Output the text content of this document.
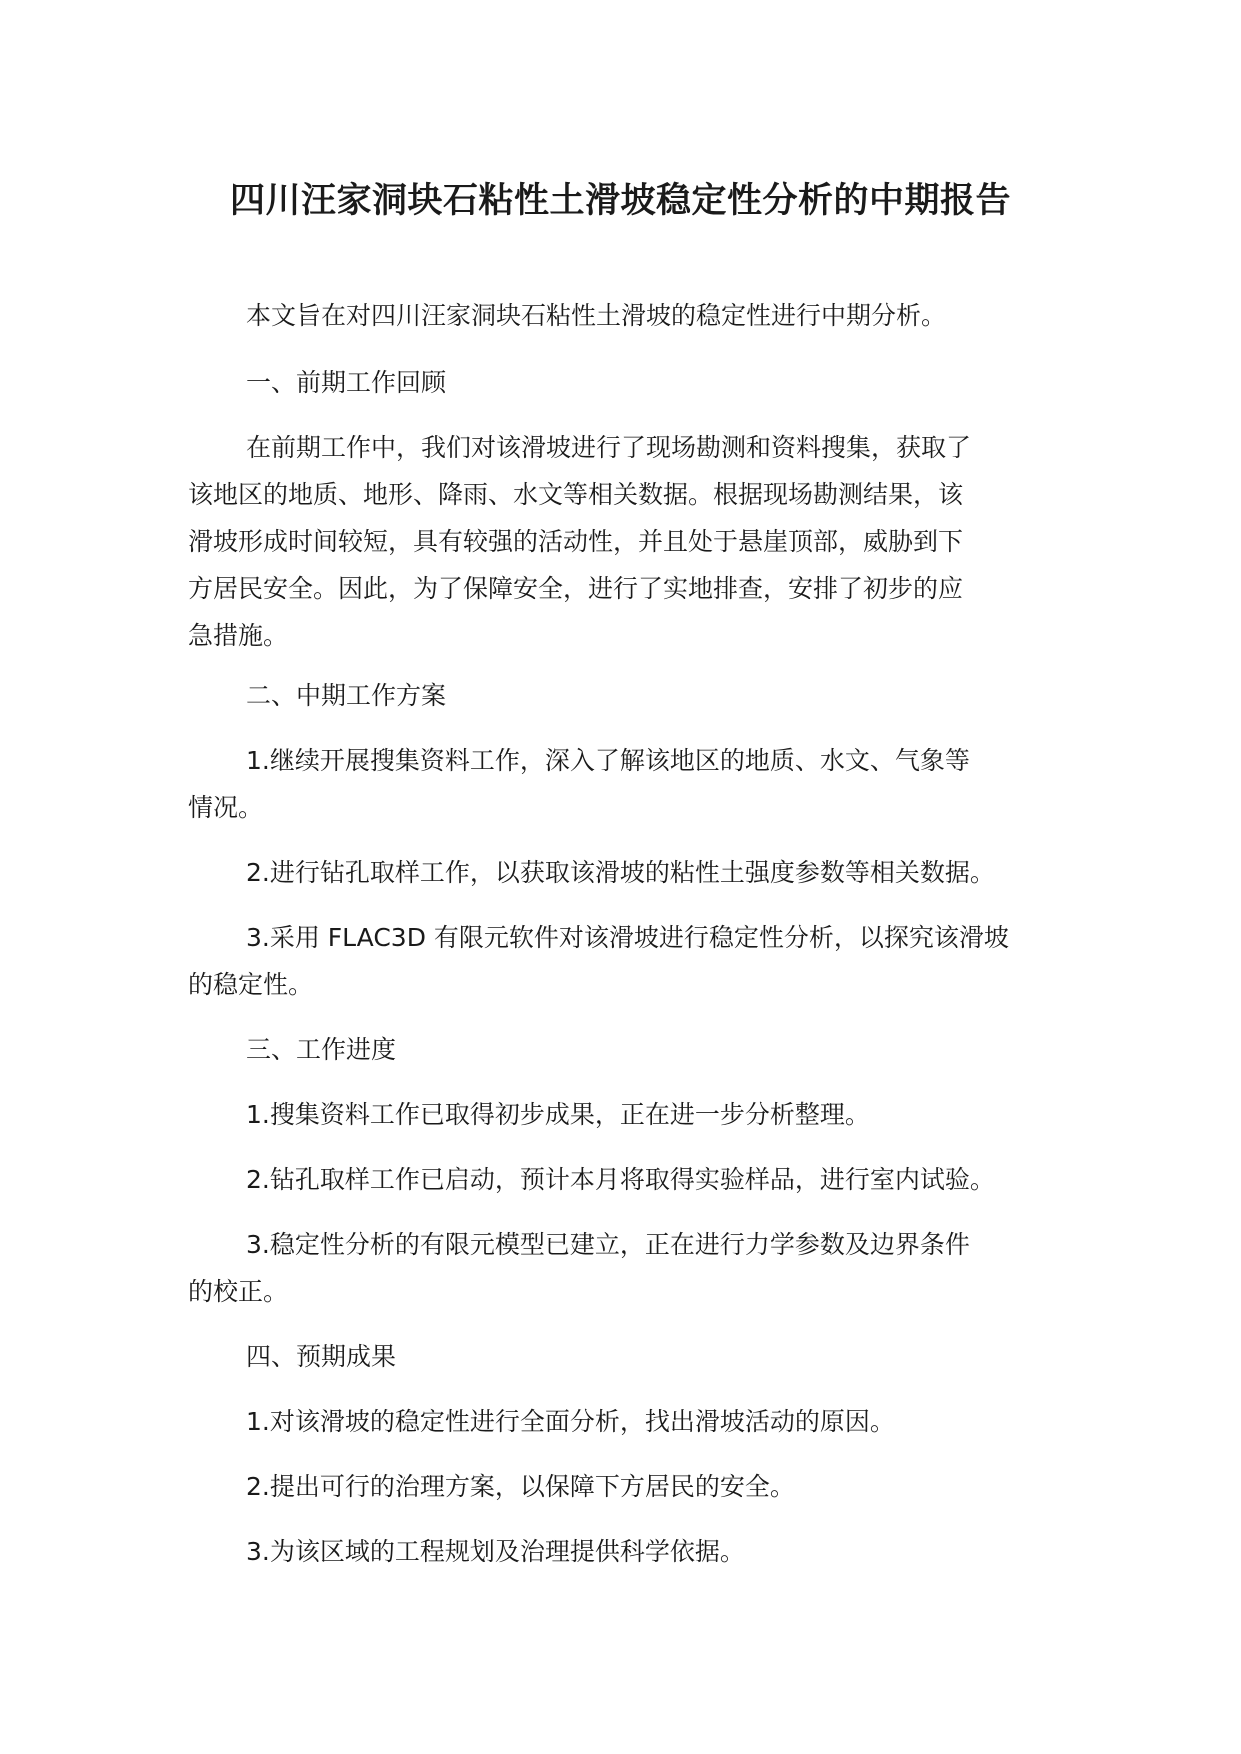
四川汪家洞块石粘性土滑坡稳定性分析的中期报告
本文旨在对四川汪家洞块石粘性土滑坡的稳定性进行中期分析。
一、前期工作回顾
在前期工作中，我们对该滑坡进行了现场勘测和资料搜集，获取了
该地区的地质、地形、降雨、水文等相关数据。根据现场勘测结果，该
滑坡形成时间较短，具有较强的活动性，并且处于悬崖顶部，威胁到下
方居民安全。因此，为了保障安全，进行了实地排查，安排了初步的应
急措施。
二、中期工作方案
1.继续开展搜集资料工作，深入了解该地区的地质、水文、气象等
情况。
2.进行钻孔取样工作，以获取该滑坡的粘性土强度参数等相关数据。
3.采用 FLAC3D 有限元软件对该滑坡进行稳定性分析，以探究该滑坡
的稳定性。
三、工作进度
1.搜集资料工作已取得初步成果，正在进一步分析整理。
2.钻孔取样工作已启动，预计本月将取得实验样品，进行室内试验。
3.稳定性分析的有限元模型已建立，正在进行力学参数及边界条件
的校正。
四、预期成果
1.对该滑坡的稳定性进行全面分析，找出滑坡活动的原因。
2.提出可行的治理方案，以保障下方居民的安全。
3.为该区域的工程规划及治理提供科学依据。
